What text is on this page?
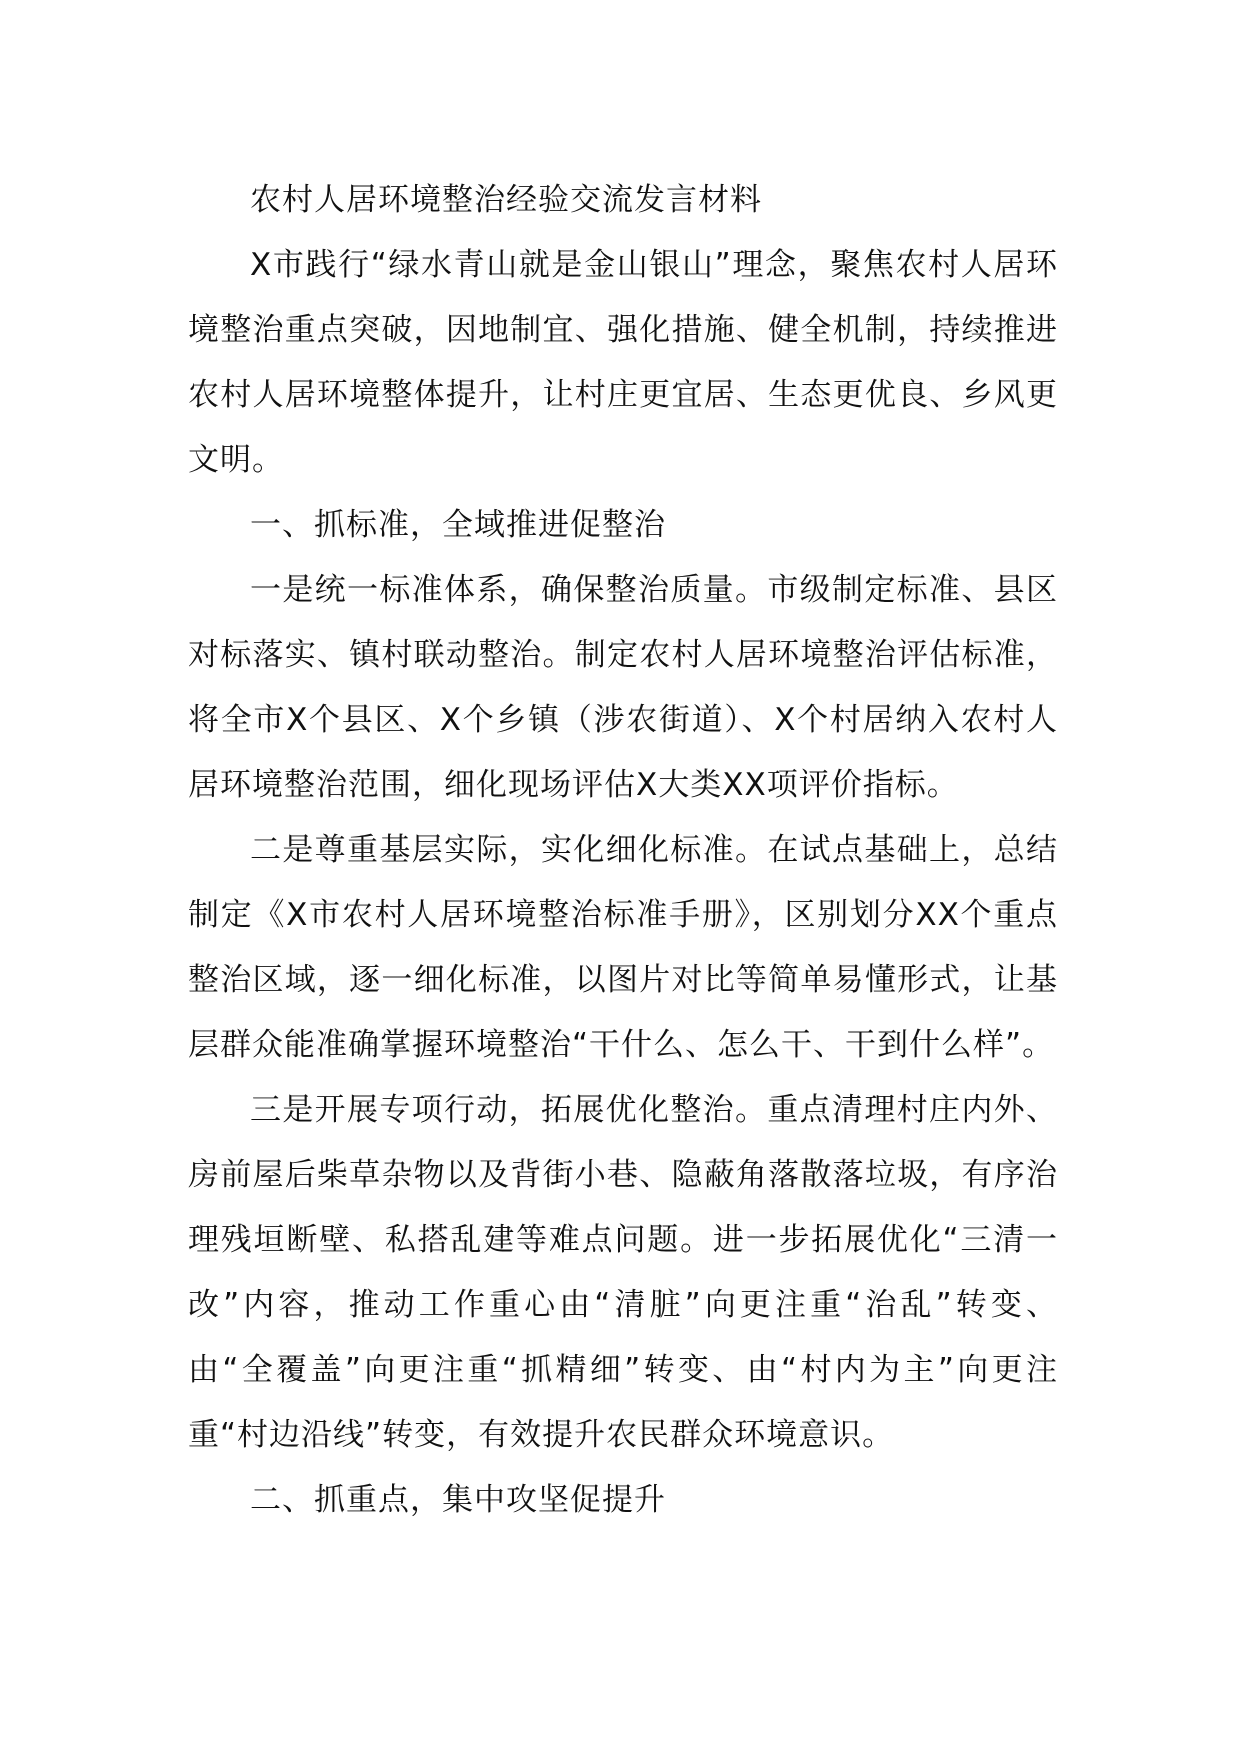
农村人居环境整治经验交流发言材料

X市践行“绿水青山就是金山银山”理念，聚焦农村人居环境整治重点突破，因地制宜、强化措施、健全机制，持续推进农村人居环境整体提升，让村庄更宜居、生态更优良、乡风更文明。

一、抓标准，全域推进促整治

一是统一标准体系，确保整治质量。市级制定标准、县区对标落实、镇村联动整治。制定农村人居环境整治评估标准，将全市X个县区、X个乡镇（涉农街道）、X个村居纳入农村人居环境整治范围，细化现场评估X大类XX项评价指标。

二是尊重基层实际，实化细化标准。在试点基础上，总结制定《X市农村人居环境整治标准手册》，区别划分XX个重点整治区域，逐一细化标准，以图片对比等简单易懂形式，让基层群众能准确掌握环境整治“干什么、怎么干、干到什么样”。

三是开展专项行动，拓展优化整治。重点清理村庄内外、房前屋后柴草杂物以及背街小巷、隐蔽角落散落垃圾，有序治理残垣断壁、私搭乱建等难点问题。进一步拓展优化“三清一改”内容，推动工作重心由“清脏”向更注重“治乱”转变、由“全覆盖”向更注重“抓精细”转变、由“村内为主”向更注重“村边沿线”转变，有效提升农民群众环境意识。

二、抓重点，集中攻坚促提升
